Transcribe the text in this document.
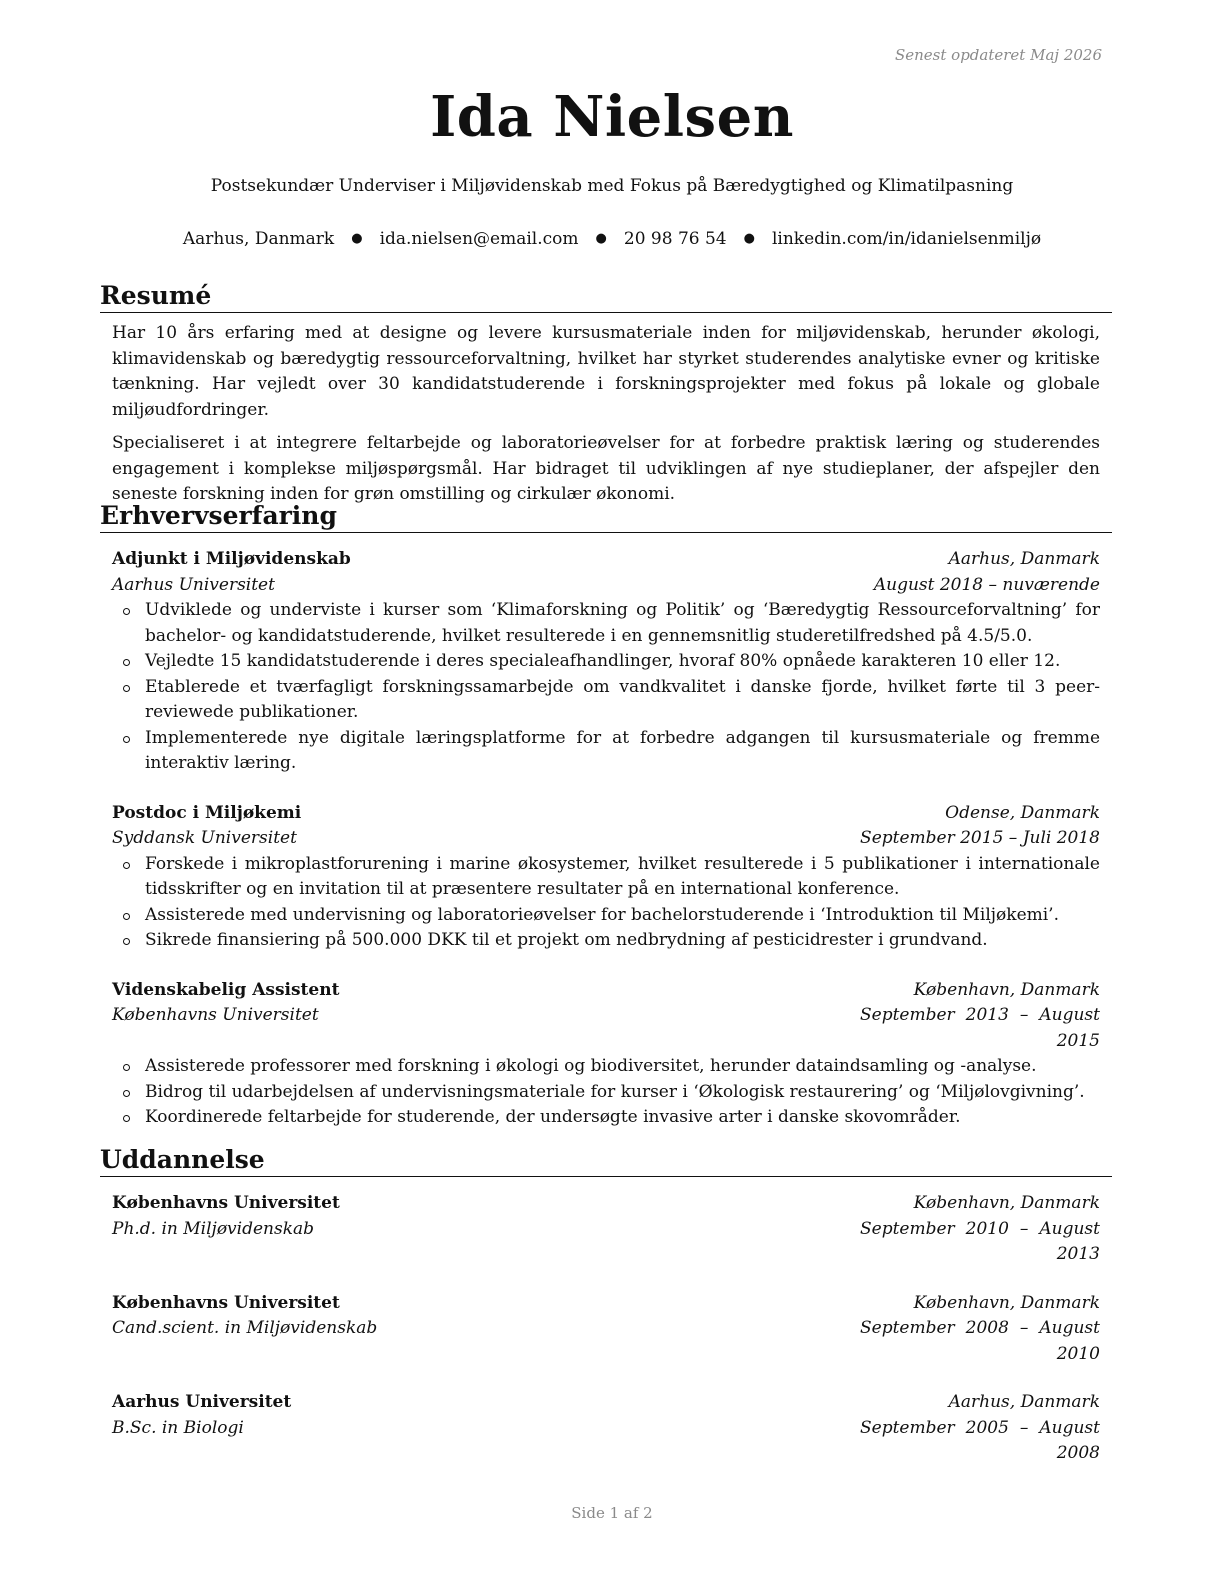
Senest opdateret Maj 2026
Ida Nielsen
Postsekundær Underviser i Miljøvidenskab med Fokus på Bæredygtighed og Klimatilpasning
Aarhus, Danmark ● ida.nielsen@email.com ● 20 98 76 54 ● linkedin.com/in/idanielsenmiljø
Resumé

Har 10 års erfaring med at designe og levere kursusmateriale inden for miljøvidenskab, herunder økologi, klimavidenskab og bæredygtig ressourceforvaltning, hvilket har styrket studerendes analytiske evner og kritiske tænkning. Har vejledt over 30 kandidatstuderende i forskningsprojekter med fokus på lokale og globale miljøudfordringer.

Specialiseret i at integrere feltarbejde og laboratorieøvelser for at forbedre praktisk læring og studerendes engagement i komplekse miljøspørgsmål. Har bidraget til udviklingen af nye studieplaner, der afspejler den seneste forskning inden for grøn omstilling og cirkulær økonomi.

Erhvervserfaring
Adjunkt i Miljøvidenskab	Aarhus, Danmark
Aarhus Universitet	August 2018 – nuværende
Udviklede og underviste i kurser som ‘Klimaforskning og Politik’ og ‘Bæredygtig Ressourceforvaltning’ for bachelor- og kandidatstuderende, hvilket resulterede i en gennemsnitlig studeretilfredshed på 4.5/5.0.
Vejledte 15 kandidatstuderende i deres specialeafhandlinger, hvoraf 80% opnåede karakteren 10 eller 12.
Etablerede et tværfagligt forskningssamarbejde om vandkvalitet i danske fjorde, hvilket førte til 3 peer-reviewede publikationer.
Implementerede nye digitale læringsplatforme for at forbedre adgangen til kursusmateriale og fremme interaktiv læring.
Postdoc i Miljøkemi	Odense, Danmark
Syddansk Universitet	September 2015 – Juli 2018
Forskede i mikroplastforurening i marine økosystemer, hvilket resulterede i 5 publikationer i internationale tidsskrifter og en invitation til at præsentere resultater på en international konference.
Assisterede med undervisning og laboratorieøvelser for bachelorstuderende i ‘Introduktion til Miljøkemi’.
Sikrede finansiering på 500.000 DKK til et projekt om nedbrydning af pesticidrester i grundvand.
Videnskabelig Assistent	København, Danmark
Københavns Universitet	September 2013 – August 2015
Assisterede professorer med forskning i økologi og biodiversitet, herunder dataindsamling og -analyse.
Bidrog til udarbejdelsen af undervisningsmateriale for kurser i ‘Økologisk restaurering’ og ‘Miljølovgivning’.
Koordinerede feltarbejde for studerende, der undersøgte invasive arter i danske skovområder.
Uddannelse
Københavns Universitet	København, Danmark
Ph.d. in Miljøvidenskab	September 2010 – August 2013
Københavns Universitet	København, Danmark
Cand.scient. in Miljøvidenskab	September 2008 – August 2010
Aarhus Universitet	Aarhus, Danmark
B.Sc. in Biologi	September 2005 – August 2008
Side 1 af 2
